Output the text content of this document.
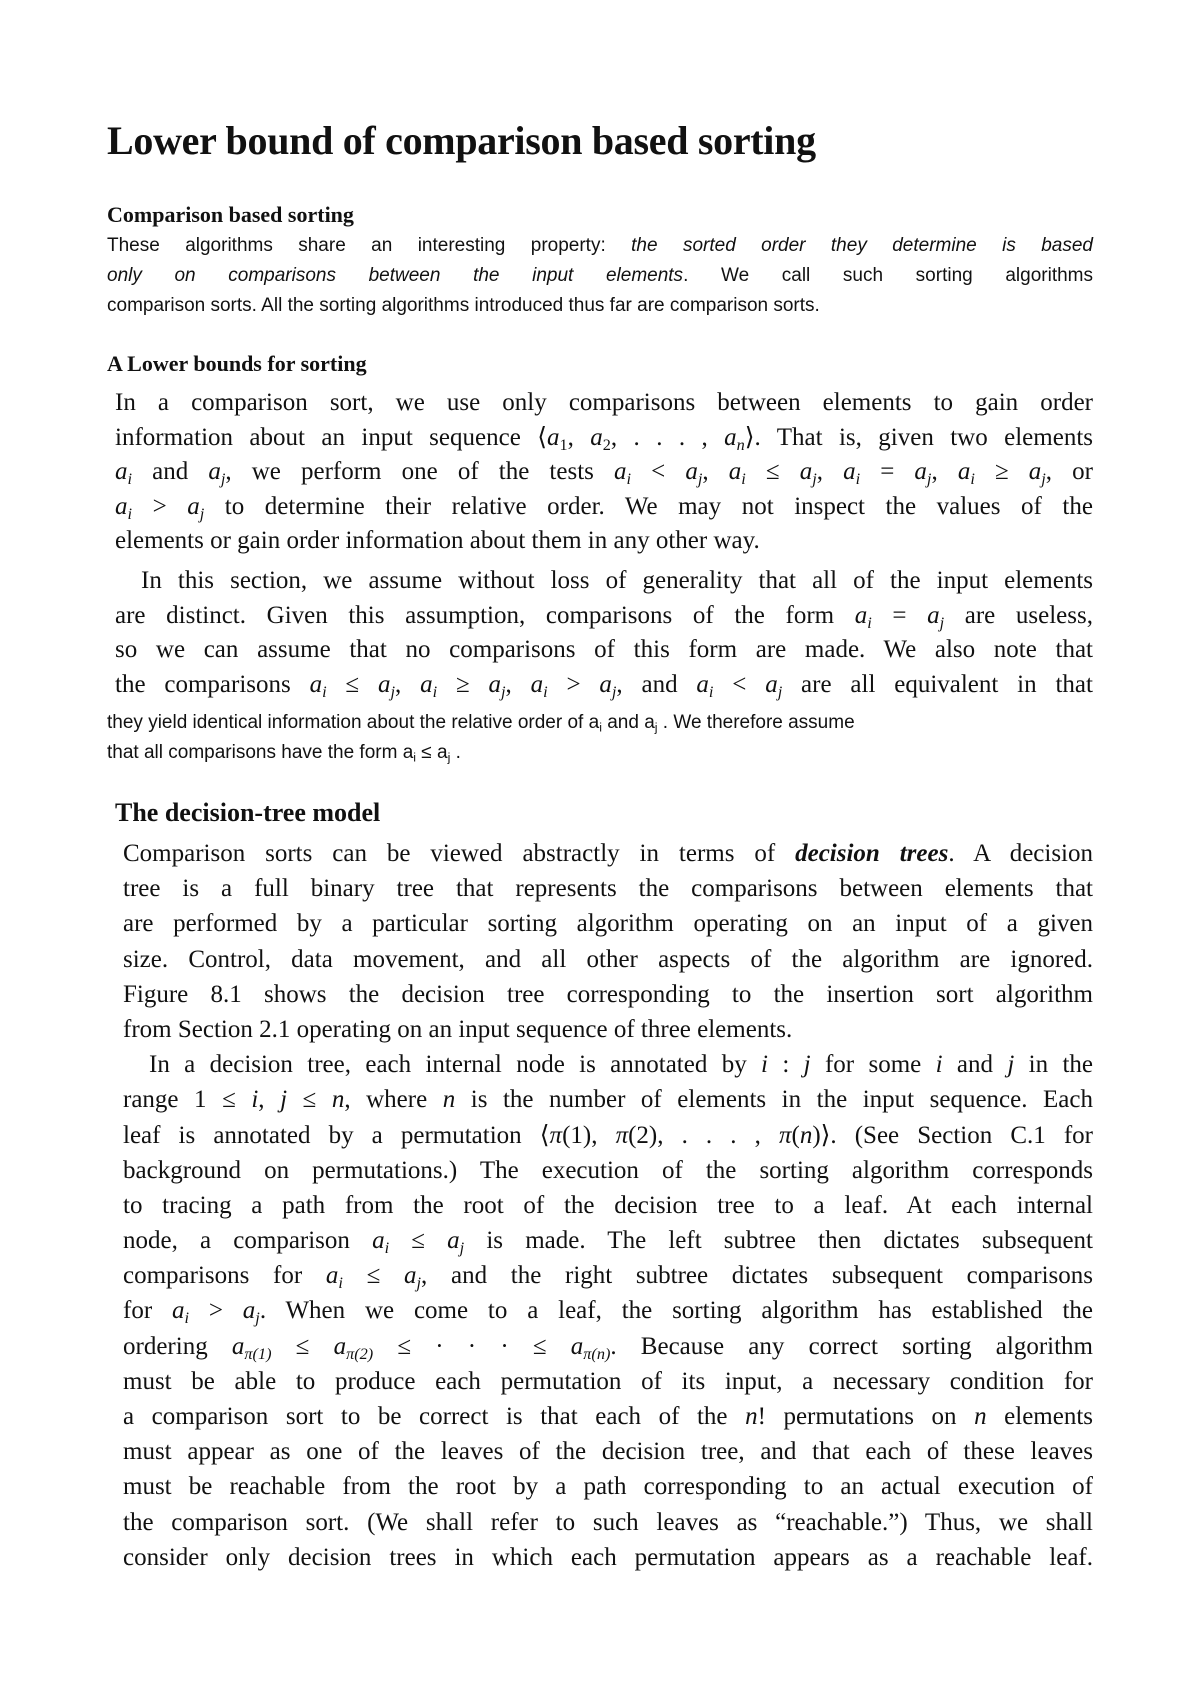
Lower bound of comparison based sorting
Comparison based sorting
These algorithms share an interesting property: the sorted order they determine is based
only on comparisons between the input elements. We call such sorting algorithms
comparison sorts. All the sorting algorithms introduced thus far are comparison sorts.
A Lower bounds for sorting
In a comparison sort, we use only comparisons between elements to gain order
information about an input sequence ⟨a1, a2, . . . , an⟩. That is, given two elements
ai and aj, we perform one of the tests ai < aj, ai ≤ aj, ai = aj, ai ≥ aj, or
ai > aj to determine their relative order. We may not inspect the values of the
elements or gain order information about them in any other way.
In this section, we assume without loss of generality that all of the input elements
are distinct. Given this assumption, comparisons of the form ai = aj are useless,
so we can assume that no comparisons of this form are made. We also note that
the comparisons ai ≤ aj, ai ≥ aj, ai > aj, and ai < aj are all equivalent in that
they yield identical information about the relative order of ai and aj . We therefore assume
that all comparisons have the form ai ≤ aj .
The decision-tree model
Comparison sorts can be viewed abstractly in terms of decision trees. A decision
tree is a full binary tree that represents the comparisons between elements that
are performed by a particular sorting algorithm operating on an input of a given
size. Control, data movement, and all other aspects of the algorithm are ignored.
Figure 8.1 shows the decision tree corresponding to the insertion sort algorithm
from Section 2.1 operating on an input sequence of three elements.
In a decision tree, each internal node is annotated by i : j for some i and j in the
range 1 ≤ i, j ≤ n, where n is the number of elements in the input sequence. Each
leaf is annotated by a permutation ⟨π(1), π(2), . . . , π(n)⟩. (See Section C.1 for
background on permutations.) The execution of the sorting algorithm corresponds
to tracing a path from the root of the decision tree to a leaf. At each internal
node, a comparison ai ≤ aj is made. The left subtree then dictates subsequent
comparisons for ai ≤ aj, and the right subtree dictates subsequent comparisons
for ai > aj. When we come to a leaf, the sorting algorithm has established the
ordering aπ(1) ≤ aπ(2) ≤ · · · ≤ aπ(n). Because any correct sorting algorithm
must be able to produce each permutation of its input, a necessary condition for
a comparison sort to be correct is that each of the n! permutations on n elements
must appear as one of the leaves of the decision tree, and that each of these leaves
must be reachable from the root by a path corresponding to an actual execution of
the comparison sort. (We shall refer to such leaves as “reachable.”) Thus, we shall
consider only decision trees in which each permutation appears as a reachable leaf.
